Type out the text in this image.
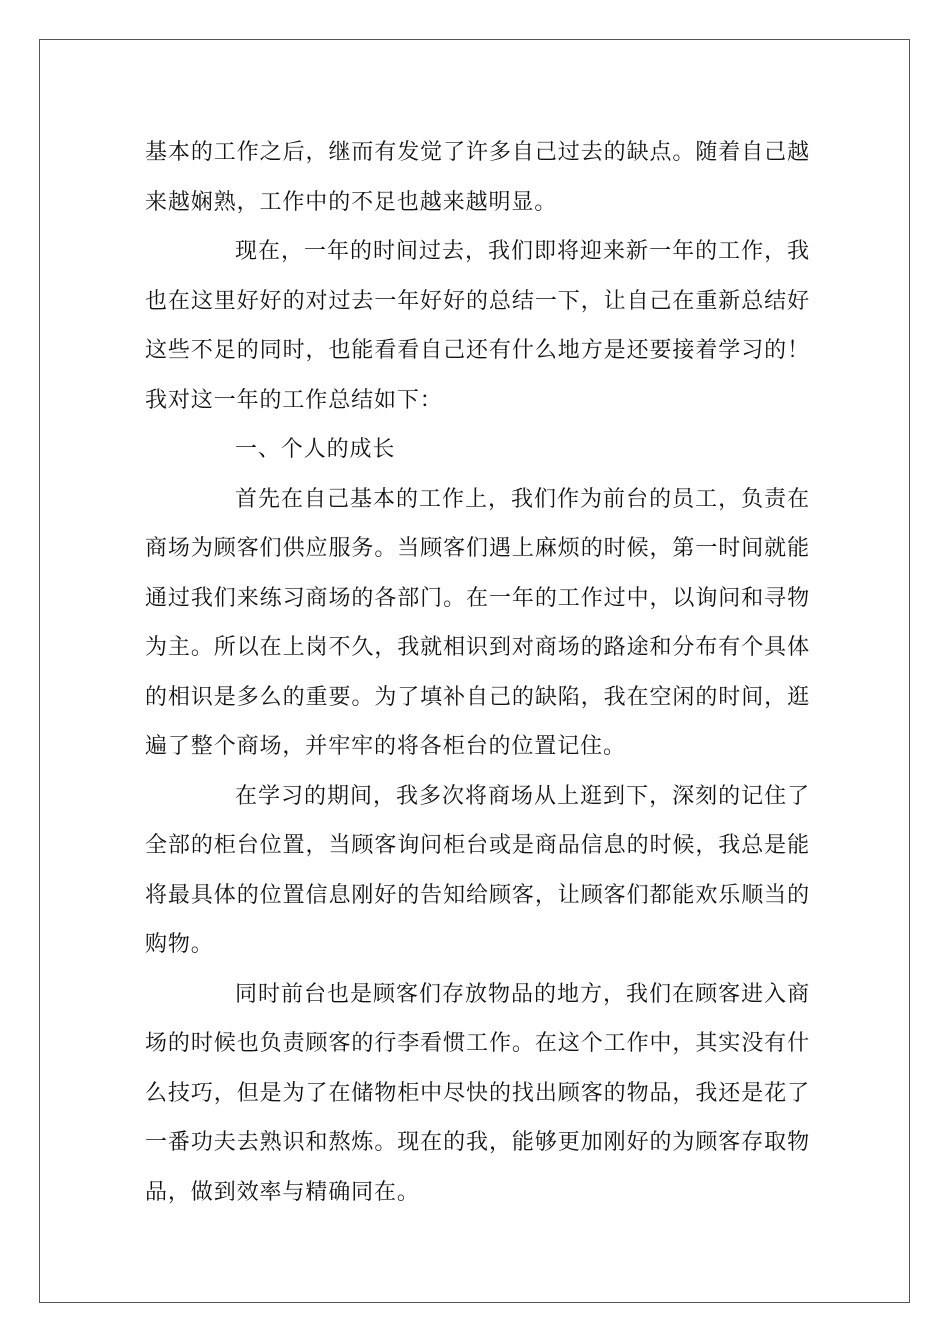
基本的工作之后，继而有发觉了许多自己过去的缺点。随着自己越来越娴熟，工作中的不足也越来越明显。

现在，一年的时间过去，我们即将迎来新一年的工作，我也在这里好好的对过去一年好好的总结一下，让自己在重新总结好这些不足的同时，也能看看自己还有什么地方是还要接着学习的！我对这一年的工作总结如下：

一、个人的成长

首先在自己基本的工作上，我们作为前台的员工，负责在商场为顾客们供应服务。当顾客们遇上麻烦的时候，第一时间就能通过我们来练习商场的各部门。在一年的工作过中，以询问和寻物为主。所以在上岗不久，我就相识到对商场的路途和分布有个具体的相识是多么的重要。为了填补自己的缺陷，我在空闲的时间，逛遍了整个商场，并牢牢的将各柜台的位置记住。

在学习的期间，我多次将商场从上逛到下，深刻的记住了全部的柜台位置，当顾客询问柜台或是商品信息的时候，我总是能将最具体的位置信息刚好的告知给顾客，让顾客们都能欢乐顺当的购物。

同时前台也是顾客们存放物品的地方，我们在顾客进入商场的时候也负责顾客的行李看惯工作。在这个工作中，其实没有什么技巧，但是为了在储物柜中尽快的找出顾客的物品，我还是花了一番功夫去熟识和熬炼。现在的我，能够更加刚好的为顾客存取物品，做到效率与精确同在。
